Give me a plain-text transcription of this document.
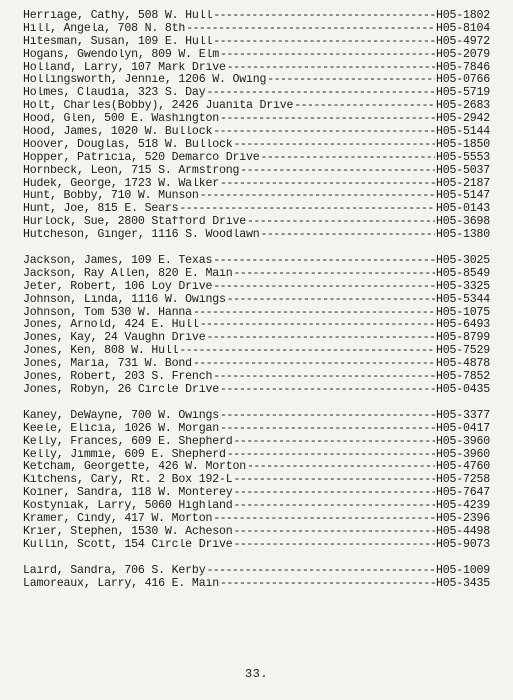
Herriage, Cathy, 508 W. Hull -----	H05-1802
Hill, Angela, 708 N. 8th -----	H05-8104
Hitesman, Susan, 109 E. Hull -----	H05-4972
Hogans, Gwendolyn, 809 W. Elm -----	H05-2079
Holland, Larry, 107 Mark Drive -----	H05-7846
Hollingsworth, Jennie, 1206 W. Owing -----	H05-0766
Holmes, Claudia, 323 S. Day -----	H05-5719
Holt, Charles(Bobby), 2426 Juanita Drive -----	H05-2683
Hood, Glen, 500 E. Washington -----	H05-2942
Hood, James, 1020 W. Bullock -----	H05-5144
Hoover, Douglas, 518 W. Bullock -----	H05-1850
Hopper, Patricia, 520 Demarco Drive -----	H05-5553
Hornbeck, Leon, 715 S. Armstrong -----	H05-5037
Hudek, George, 1723 W. Walker -----	H05-2187
Hunt, Bobby, 710 W. Munson -----	H05-5147
Hunt, Joe, 815 E. Sears -----	H05-0143
Hurlock, Sue, 2800 Stafford Drive -----	H05-3698
Hutcheson, Ginger, 1116 S. Woodlawn -----	H05-1380
Jackson, James, 109 E. Texas -----	H05-3025
Jackson, Ray Allen, 820 E. Main -----	H05-8549
Jeter, Robert, 106 Loy Drive -----	H05-3325
Johnson, Linda, 1116 W. Owings -----	H05-5344
Johnson, Tom 530 W. Hanna -----	H05-1075
Jones, Arnold, 424 E. Hull -----	H05-6493
Jones, Kay, 24 Vaughn Drive -----	H05-8799
Jones, Ken, 808 W. Hull -----	H05-7529
Jones, Maria, 731 W. Bond -----	H05-4878
Jones, Robert, 203 S. French -----	H05-7852
Jones, Robyn, 26 Circle Drive -----	H05-0435
Kaney, DeWayne, 700 W. Owings -----	H05-3377
Keele, Elicia, 1026 W. Morgan -----	H05-0417
Kelly, Frances, 609 E. Shepherd -----	H05-3960
Kelly, Jimmie, 609 E. Shepherd -----	H05-3960
Ketcham, Georgette, 426 W. Morton -----	H05-4760
Kitchens, Cary, Rt. 2 Box 192-L -----	H05-7258
Koiner, Sandra, 118 W. Monterey -----	H05-7647
Kostyniak, Larry, 5060 Highland -----	H05-4239
Kramer, Cindy, 417 W. Morton -----	H05-2396
Krier, Stephen, 1530 W. Acheson -----	H05-4498
Kullin, Scott, 154 Circle Drive -----	H05-9073
Laird, Sandra, 706 S. Kerby -----	H05-1009
Lamoreaux, Larry, 416 E. Main -----	H05-3435
33.
